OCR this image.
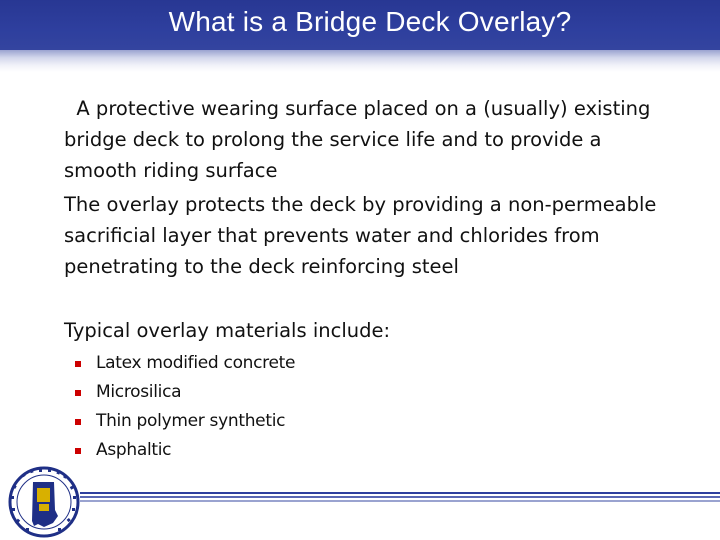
What is a Bridge Deck Overlay?
A protective wearing surface placed on a (usually) existing bridge deck to prolong the service life and to provide a smooth riding surface
The overlay protects the deck by providing a non-permeable sacrificial layer that prevents water and chlorides from penetrating to the deck reinforcing steel
Typical overlay materials include:
Latex modified concrete
Microsilica
Thin polymer synthetic
Asphaltic
